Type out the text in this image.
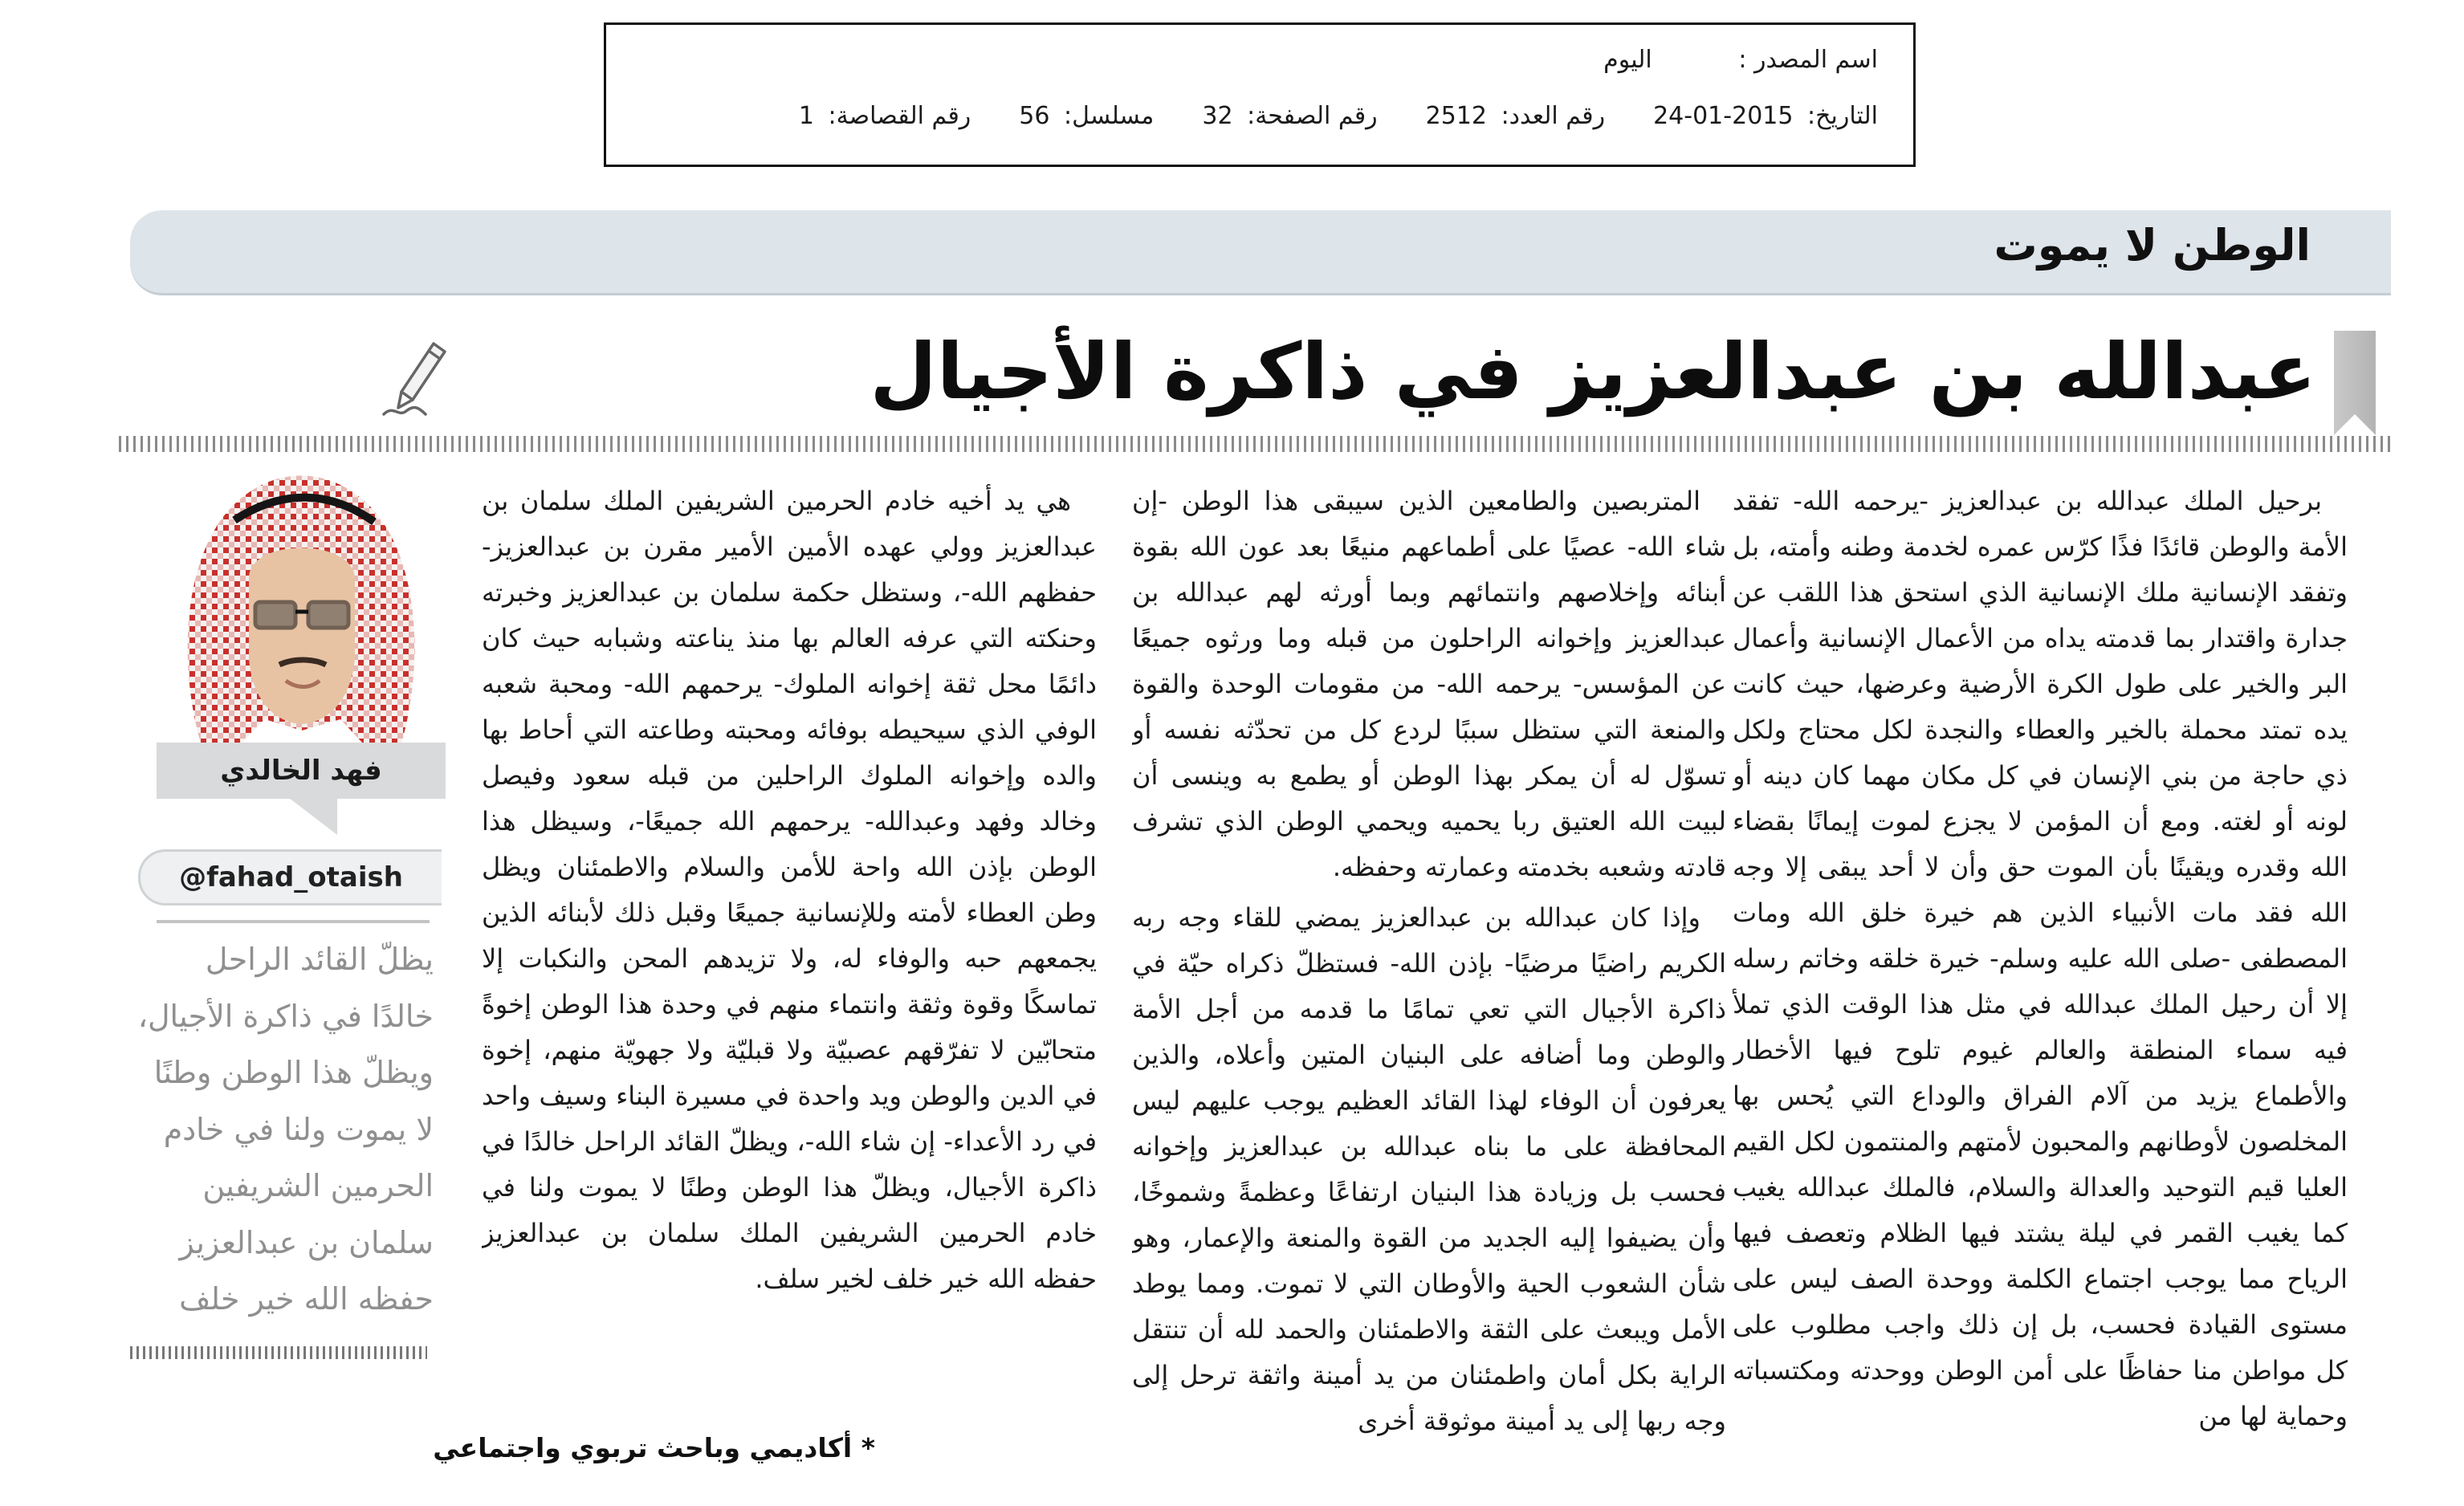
اسم المصدر : اليوم
التاريخ: 2015-01-24
رقم العدد: 2512
رقم الصفحة: 32
مسلسل: 56
رقم القصاصة: 1
الوطن لا يموت
عبدالله بن عبدالعزيز في ذاكرة الأجيال

برحيل الملك عبدالله بن عبدالعزيز -يرحمه الله- تفقد الأمة والوطن قائدًا فذًا كرّس عمره لخدمة وطنه وأمته، بل وتفقد الإنسانية ملك الإنسانية الذي استحق هذا اللقب عن جدارة واقتدار بما قدمته يداه من الأعمال الإنسانية وأعمال البر والخير على طول الكرة الأرضية وعرضها، حيث كانت يده تمتد محملة بالخير والعطاء والنجدة لكل محتاج ولكل ذي حاجة من بني الإنسان في كل مكان مهما كان دينه أو لونه أو لغته. ومع أن المؤمن لا يجزع لموت إيمانًا بقضاء الله وقدره ويقينًا بأن الموت حق وأن لا أحد يبقى إلا وجه الله فقد مات الأنبياء الذين هم خيرة خلق الله ومات المصطفى -صلى الله عليه وسلم- خيرة خلقه وخاتم رسله إلا أن رحيل الملك عبدالله في مثل هذا الوقت الذي تملأ فيه سماء المنطقة والعالم غيوم تلوح فيها الأخطار والأطماع يزيد من آلام الفراق والوداع التي يُحس بها المخلصون لأوطانهم والمحبون لأمتهم والمنتمون لكل القيم العليا قيم التوحيد والعدالة والسلام، فالملك عبدالله يغيب كما يغيب القمر في ليلة يشتد فيها الظلام وتعصف فيها الرياح مما يوجب اجتماع الكلمة ووحدة الصف ليس على مستوى القيادة فحسب، بل إن ذلك واجب مطلوب على كل مواطن منا حفاظًا على أمن الوطن ووحدته ومكتسباته وحماية لها من

المتربصين والطامعين الذين سيبقى هذا الوطن -إن شاء الله- عصيًا على أطماعهم منيعًا بعد عون الله بقوة أبنائه وإخلاصهم وانتمائهم وبما أورثه لهم عبدالله بن عبدالعزيز وإخوانه الراحلون من قبله وما ورثوه جميعًا عن المؤسس- يرحمه الله- من مقومات الوحدة والقوة والمنعة التي ستظل سببًا لردع كل من تحدّثه نفسه أو تسوّل له أن يمكر بهذا الوطن أو يطمع به وينسى أن لبيت الله العتيق ربا يحميه ويحمي الوطن الذي تشرف قادته وشعبه بخدمته وعمارته وحفظه.

وإذا كان عبدالله بن عبدالعزيز يمضي للقاء وجه ربه الكريم راضيًا مرضيًا- بإذن الله- فستظلّ ذكراه حيّة في ذاكرة الأجيال التي تعي تمامًا ما قدمه من أجل الأمة والوطن وما أضافه على البنيان المتين وأعلاه، والذين يعرفون أن الوفاء لهذا القائد العظيم يوجب عليهم ليس المحافظة على ما بناه عبدالله بن عبدالعزيز وإخوانه فحسب بل وزيادة هذا البنيان ارتفاعًا وعظمةً وشموخًا، وأن يضيفوا إليه الجديد من القوة والمنعة والإعمار، وهو شأن الشعوب الحية والأوطان التي لا تموت. ومما يوطد الأمل ويبعث على الثقة والاطمئنان والحمد لله أن تنتقل الراية بكل أمان واطمئنان من يد أمينة واثقة ترحل إلى وجه ربها إلى يد أمينة موثوقة أخرى

هي يد أخيه خادم الحرمين الشريفين الملك سلمان بن عبدالعزيز وولي عهده الأمين الأمير مقرن بن عبدالعزيز- حفظهم الله-، وستظل حكمة سلمان بن عبدالعزيز وخبرته وحنكته التي عرفه العالم بها منذ يناعته وشبابه حيث كان دائمًا محل ثقة إخوانه الملوك- يرحمهم الله- ومحبة شعبه الوفي الذي سيحيطه بوفائه ومحبته وطاعته التي أحاط بها والده وإخوانه الملوك الراحلين من قبله سعود وفيصل وخالد وفهد وعبدالله- يرحمهم الله جميعًا-، وسيظل هذا الوطن بإذن الله واحة للأمن والسلام والاطمئنان ويظل وطن العطاء لأمته وللإنسانية جميعًا وقبل ذلك لأبنائه الذين يجمعهم حبه والوفاء له، ولا تزيدهم المحن والنكبات إلا تماسكًا وقوة وثقة وانتماء منهم في وحدة هذا الوطن إخوةً متحابّين لا تفرّقهم عصبيّة ولا قبليّة ولا جهويّة منهم، إخوة في الدين والوطن ويد واحدة في مسيرة البناء وسيف واحد في رد الأعداء- إن شاء الله-، ويظلّ القائد الراحل خالدًا في ذاكرة الأجيال، ويظلّ هذا الوطن وطنًا لا يموت ولنا في خادم الحرمين الشريفين الملك سلمان بن عبدالعزيز حفظه الله خير خلف لخير سلف.

* أكاديمي وباحث تربوي واجتماعي
فهد الخالدي
@fahad_otaish
يظلّ القائد الراحل
خالدًا في ذاكرة الأجيال،
ويظلّ هذا الوطن وطنًا
لا يموت ولنا في خادم
الحرمين الشريفين
سلمان بن عبدالعزيز
حفظه الله خير خلف
